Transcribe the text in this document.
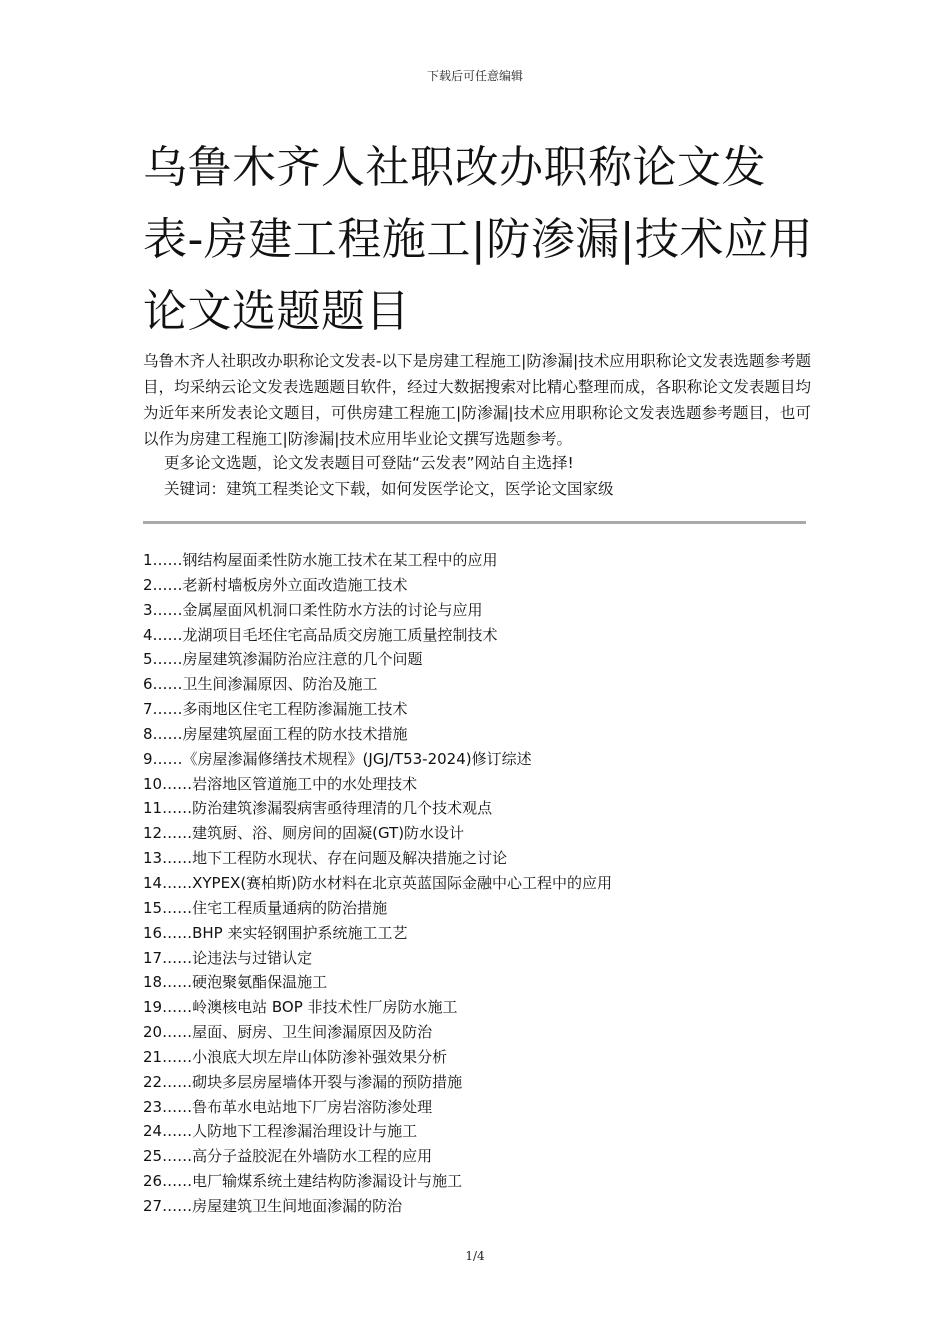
下载后可任意编辑
乌鲁木齐人社职改办职称论文发表-房建工程施工|防渗漏|技术应用论文选题题目

乌鲁木齐人社职改办职称论文发表-以下是房建工程施工|防渗漏|技术应用职称论文发表选题参考题目，均采纳云论文发表选题题目软件，经过大数据搜索对比精心整理而成，各职称论文发表题目均为近年来所发表论文题目，可供房建工程施工|防渗漏|技术应用职称论文发表选题参考题目，也可以作为房建工程施工|防渗漏|技术应用毕业论文撰写选题参考。

更多论文选题，论文发表题目可登陆“云发表”网站自主选择!

关键词：建筑工程类论文下载，如何发医学论文，医学论文国家级

1……钢结构屋面柔性防水施工技术在某工程中的应用
2……老新村墙板房外立面改造施工技术
3……金属屋面风机洞口柔性防水方法的讨论与应用
4……龙湖项目毛坯住宅高品质交房施工质量控制技术
5……房屋建筑渗漏防治应注意的几个问题
6……卫生间渗漏原因、防治及施工
7……多雨地区住宅工程防渗漏施工技术
8……房屋建筑屋面工程的防水技术措施
9……《房屋渗漏修缮技术规程》(JGJ/T53-2024)修订综述
10……岩溶地区管道施工中的水处理技术
11……防治建筑渗漏裂病害亟待理清的几个技术观点
12……建筑厨、浴、厕房间的固凝(GT)防水设计
13……地下工程防水现状、存在问题及解决措施之讨论
14……XYPEX(赛柏斯)防水材料在北京英蓝国际金融中心工程中的应用
15……住宅工程质量通病的防治措施
16……BHP 来实轻钢围护系统施工工艺
17……论违法与过错认定
18……硬泡聚氨酯保温施工
19……岭澳核电站 BOP 非技术性厂房防水施工
20……屋面、厨房、卫生间渗漏原因及防治
21……小浪底大坝左岸山体防渗补强效果分析
22……砌块多层房屋墙体开裂与渗漏的预防措施
23……鲁布革水电站地下厂房岩溶防渗处理
24……人防地下工程渗漏治理设计与施工
25……高分子益胶泥在外墙防水工程的应用
26……电厂输煤系统土建结构防渗漏设计与施工
27……房屋建筑卫生间地面渗漏的防治
1/4
